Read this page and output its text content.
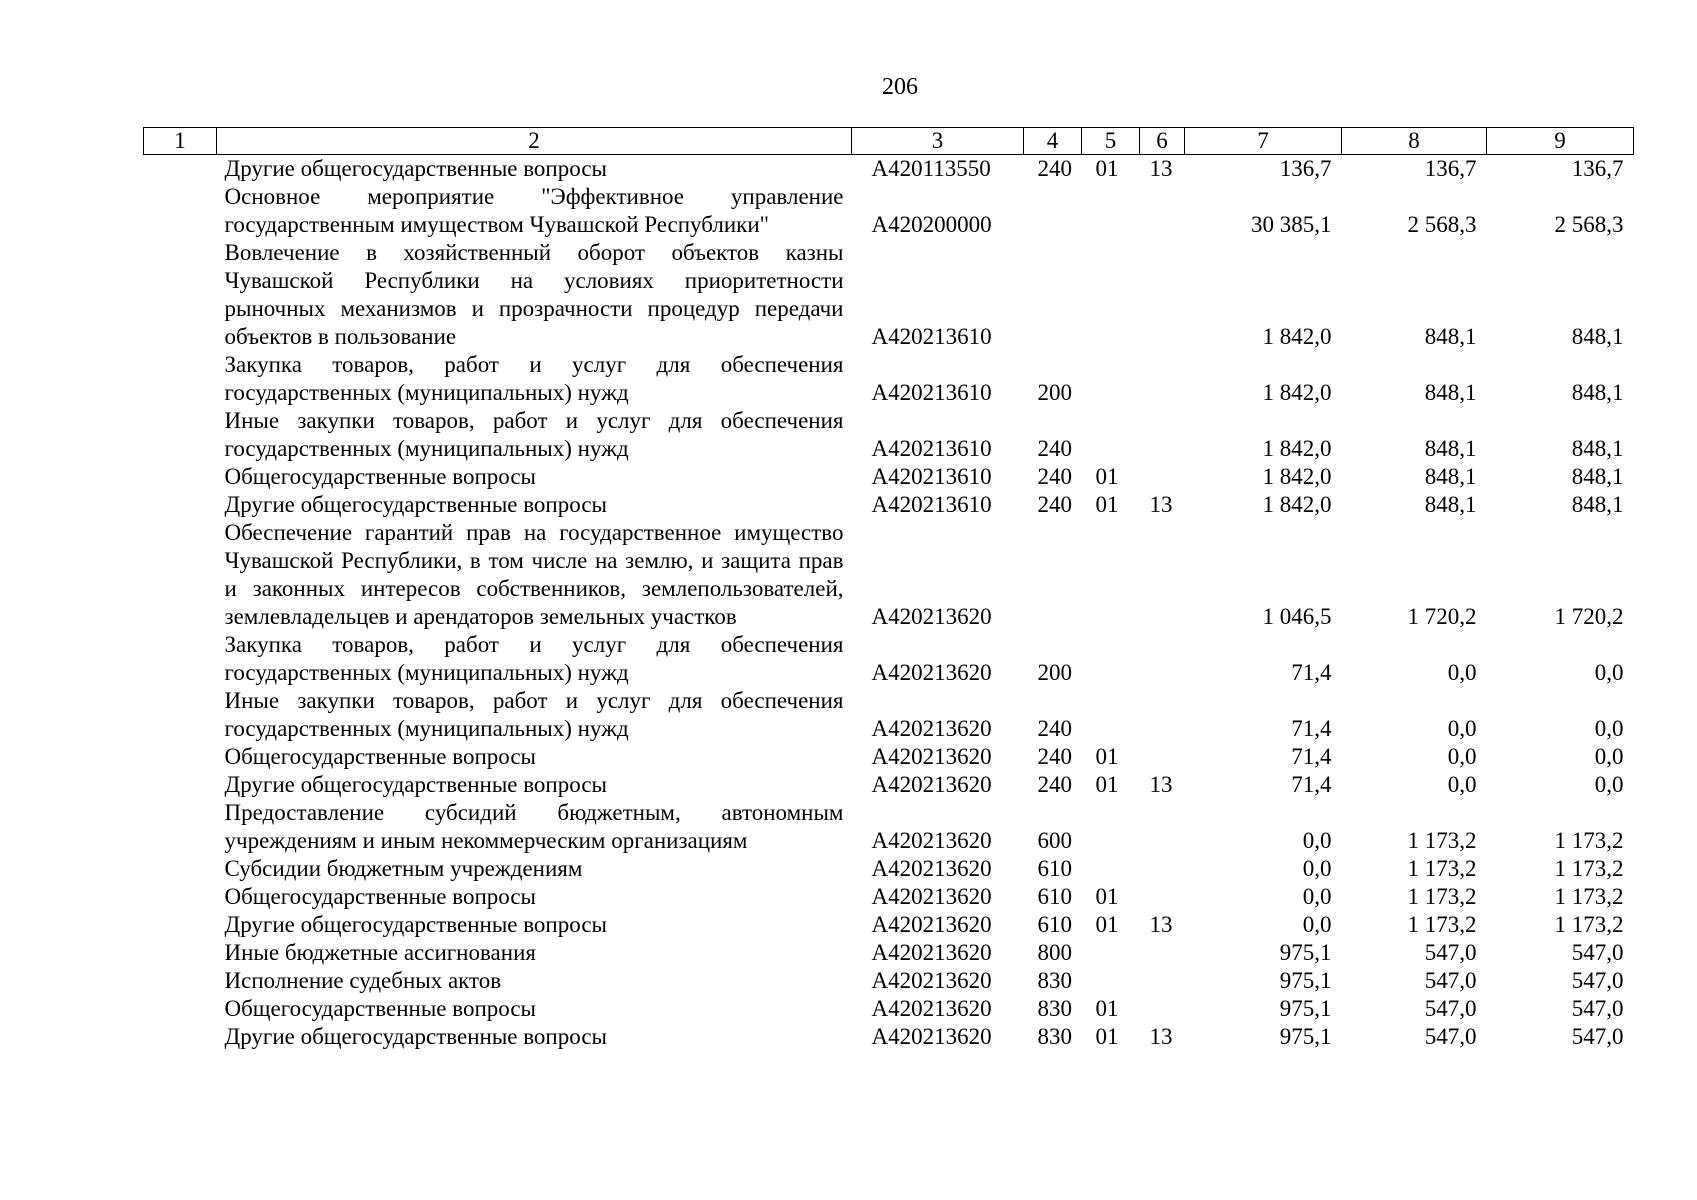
206
1	2	3	4	5	6	7	8	9
	Другие общегосударственные вопросы	А420113550	240	01	13	136,7	136,7	136,7
	Основное мероприятие "Эффективное управление государственным имуществом Чувашской Республики"	А420200000				30 385,1	2 568,3	2 568,3
	Вовлечение в хозяйственный оборот объектов казны Чувашской Республики на условиях приоритетности рыночных механизмов и прозрачности процедур передачи объектов в пользование	А420213610				1 842,0	848,1	848,1
	Закупка товаров, работ и услуг для обеспечения государственных (муниципальных) нужд	А420213610	200			1 842,0	848,1	848,1
	Иные закупки товаров, работ и услуг для обеспечения государственных (муниципальных) нужд	А420213610	240			1 842,0	848,1	848,1
	Общегосударственные вопросы	А420213610	240	01		1 842,0	848,1	848,1
	Другие общегосударственные вопросы	А420213610	240	01	13	1 842,0	848,1	848,1
	Обеспечение гарантий прав на государственное имущество Чувашской Республики, в том числе на землю, и защита прав и законных интересов собственников, землепользователей, землевладельцев и арендаторов земельных участков	А420213620				1 046,5	1 720,2	1 720,2
	Закупка товаров, работ и услуг для обеспечения государственных (муниципальных) нужд	А420213620	200			71,4	0,0	0,0
	Иные закупки товаров, работ и услуг для обеспечения государственных (муниципальных) нужд	А420213620	240			71,4	0,0	0,0
	Общегосударственные вопросы	А420213620	240	01		71,4	0,0	0,0
	Другие общегосударственные вопросы	А420213620	240	01	13	71,4	0,0	0,0
	Предоставление субсидий бюджетным, автономным учреждениям и иным некоммерческим организациям	А420213620	600			0,0	1 173,2	1 173,2
	Субсидии бюджетным учреждениям	А420213620	610			0,0	1 173,2	1 173,2
	Общегосударственные вопросы	А420213620	610	01		0,0	1 173,2	1 173,2
	Другие общегосударственные вопросы	А420213620	610	01	13	0,0	1 173,2	1 173,2
	Иные бюджетные ассигнования	А420213620	800			975,1	547,0	547,0
	Исполнение судебных актов	А420213620	830			975,1	547,0	547,0
	Общегосударственные вопросы	А420213620	830	01		975,1	547,0	547,0
	Другие общегосударственные вопросы	А420213620	830	01	13	975,1	547,0	547,0
